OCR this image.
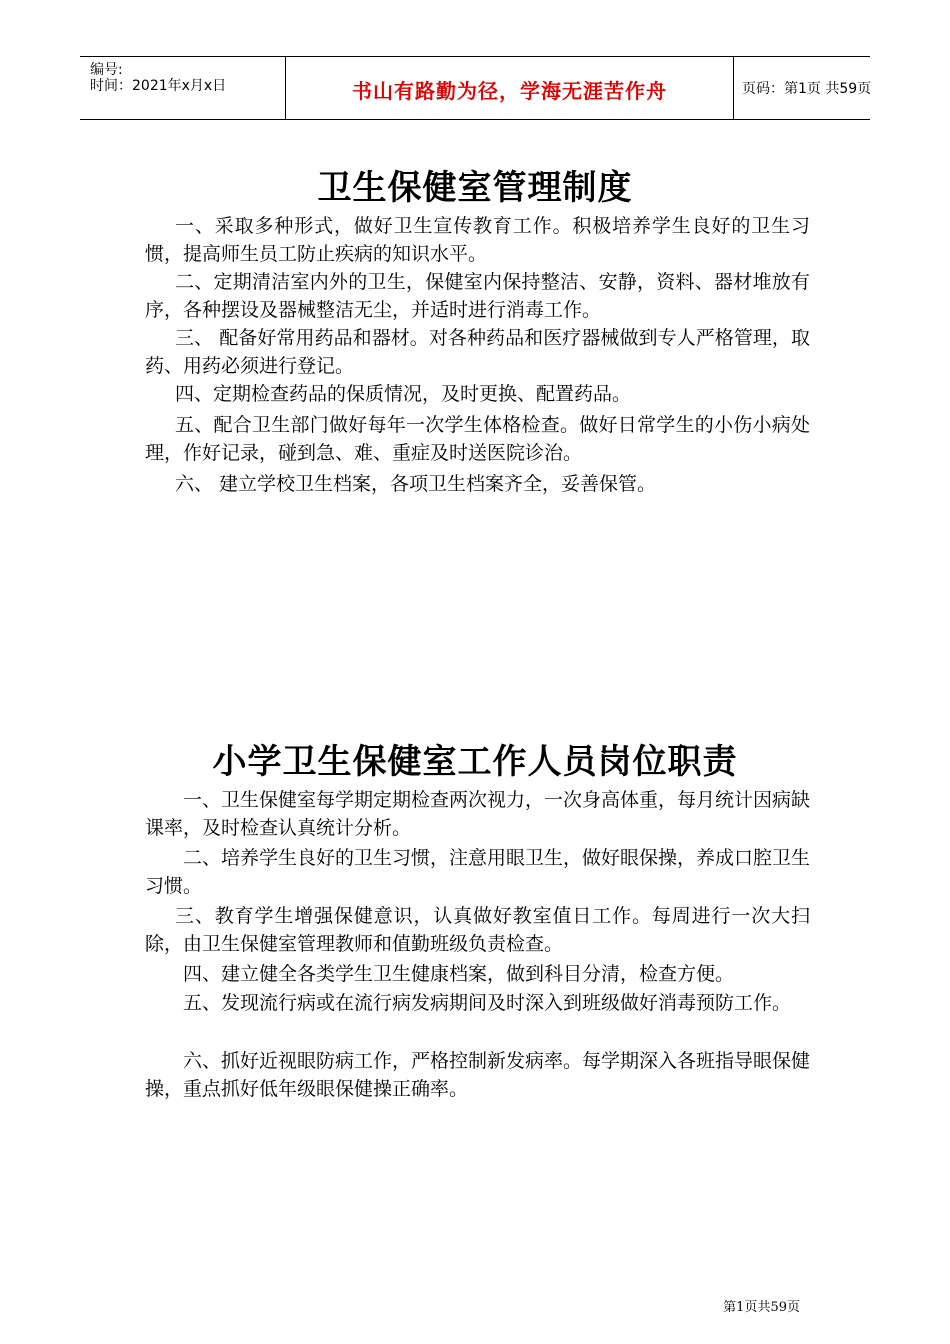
编号:
时间：2021年x月x日	书山有路勤为径，学海无涯苦作舟	页码：第1页 共59页
卫生保健室管理制度
一、采取多种形式，做好卫生宣传教育工作。积极培养学生良好的卫生习惯，提高师生员工防止疾病的知识水平。
二、定期清洁室内外的卫生，保健室内保持整洁、安静，资料、器材堆放有序，各种摆设及器械整洁无尘，并适时进行消毒工作。
三、 配备好常用药品和器材。对各种药品和医疗器械做到专人严格管理，取药、用药必须进行登记。
四、定期检查药品的保质情况，及时更换、配置药品。
五、配合卫生部门做好每年一次学生体格检查。做好日常学生的小伤小病处理，作好记录，碰到急、难、重症及时送医院诊治。
六、 建立学校卫生档案，各项卫生档案齐全，妥善保管。
小学卫生保健室工作人员岗位职责
一、卫生保健室每学期定期检查两次视力，一次身高体重，每月统计因病缺课率，及时检查认真统计分析。
二、培养学生良好的卫生习惯，注意用眼卫生，做好眼保操，养成口腔卫生习惯。
三、教育学生增强保健意识，认真做好教室值日工作。每周进行一次大扫除，由卫生保健室管理教师和值勤班级负责检查。
四、建立健全各类学生卫生健康档案，做到科目分清，检查方便。
五、发现流行病或在流行病发病期间及时深入到班级做好消毒预防工作。
六、抓好近视眼防病工作，严格控制新发病率。每学期深入各班指导眼保健操，重点抓好低年级眼保健操正确率。
第1页共59页
